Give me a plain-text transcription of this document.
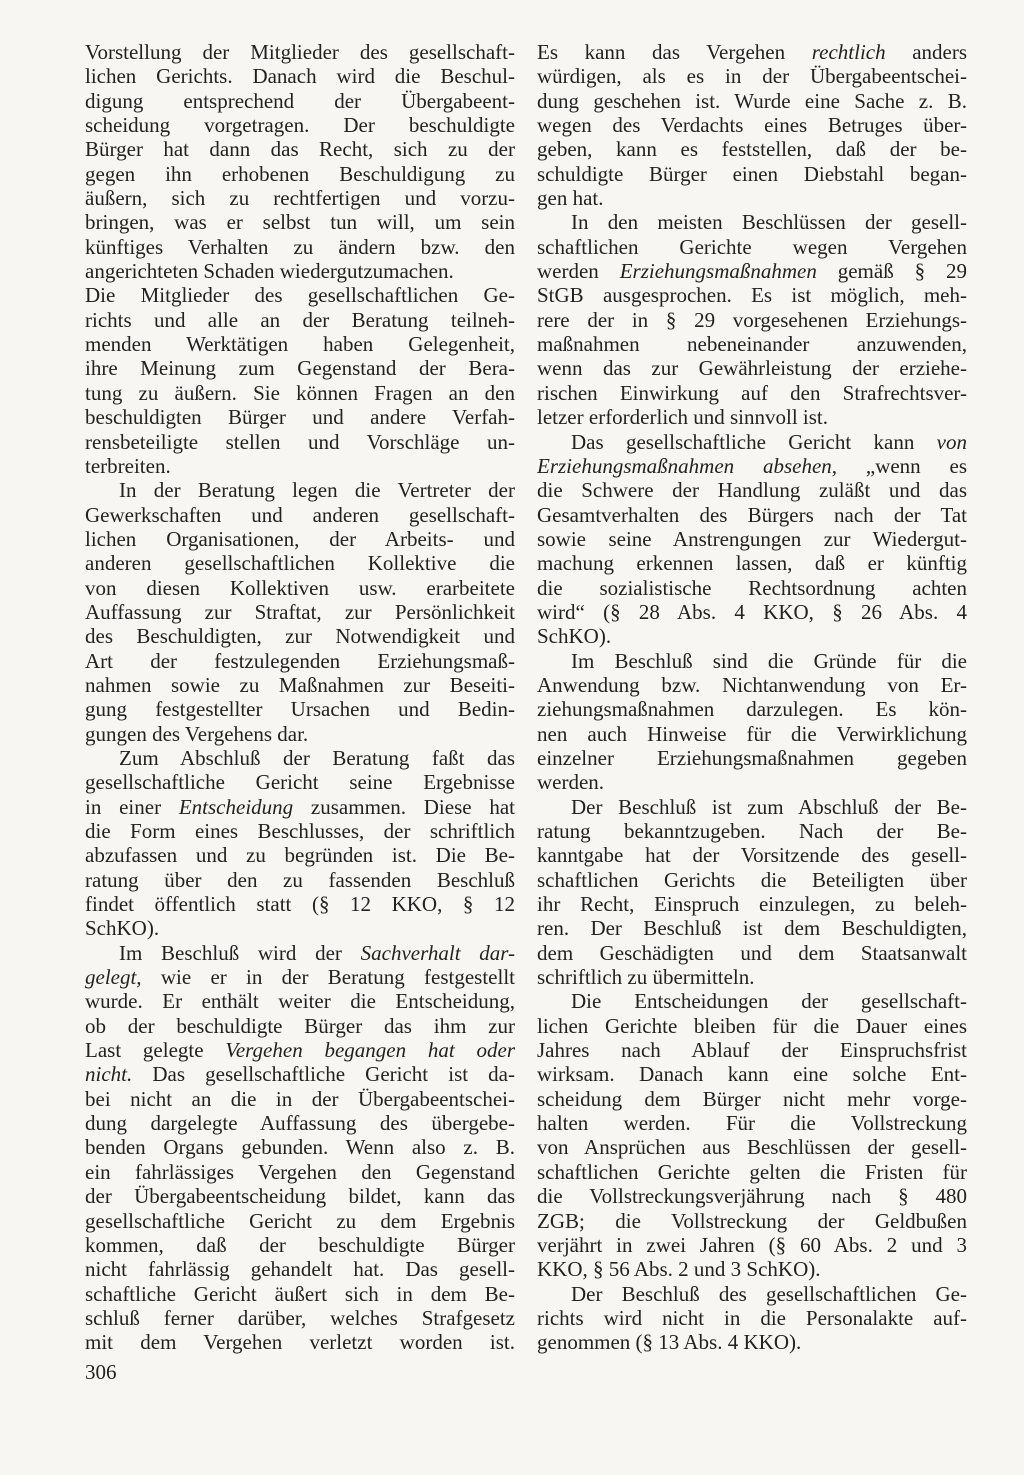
Vorstellung der Mitglieder des gesellschaft-
lichen Gerichts. Danach wird die Beschul-
digung entsprechend der Übergabeent-
scheidung vorgetragen. Der beschuldigte
Bürger hat dann das Recht, sich zu der
gegen ihn erhobenen Beschuldigung zu
äußern, sich zu rechtfertigen und vorzu-
bringen, was er selbst tun will, um sein
künftiges Verhalten zu ändern bzw. den
angerichteten Schaden wiedergutzumachen.
Die Mitglieder des gesellschaftlichen Ge-
richts und alle an der Beratung teilneh-
menden Werktätigen haben Gelegenheit,
ihre Meinung zum Gegenstand der Bera-
tung zu äußern. Sie können Fragen an den
beschuldigten Bürger und andere Verfah-
rensbeteiligte stellen und Vorschläge un-
terbreiten.
In der Beratung legen die Vertreter der
Gewerkschaften und anderen gesellschaft-
lichen Organisationen, der Arbeits- und
anderen gesellschaftlichen Kollektive die
von diesen Kollektiven usw. erarbeitete
Auffassung zur Straftat, zur Persönlichkeit
des Beschuldigten, zur Notwendigkeit und
Art der festzulegenden Erziehungsmaß-
nahmen sowie zu Maßnahmen zur Beseiti-
gung festgestellter Ursachen und Bedin-
gungen des Vergehens dar.
Zum Abschluß der Beratung faßt das
gesellschaftliche Gericht seine Ergebnisse
in einer Entscheidung zusammen. Diese hat
die Form eines Beschlusses, der schriftlich
abzufassen und zu begründen ist. Die Be-
ratung über den zu fassenden Beschluß
findet öffentlich statt (§ 12 KKO, § 12
SchKO).
Im Beschluß wird der Sachverhalt dar-
gelegt, wie er in der Beratung festgestellt
wurde. Er enthält weiter die Entscheidung,
ob der beschuldigte Bürger das ihm zur
Last gelegte Vergehen begangen hat oder
nicht. Das gesellschaftliche Gericht ist da-
bei nicht an die in der Übergabeentschei-
dung dargelegte Auffassung des übergebe-
benden Organs gebunden. Wenn also z. B.
ein fahrlässiges Vergehen den Gegenstand
der Übergabeentscheidung bildet, kann das
gesellschaftliche Gericht zu dem Ergebnis
kommen, daß der beschuldigte Bürger
nicht fahrlässig gehandelt hat. Das gesell-
schaftliche Gericht äußert sich in dem Be-
schluß ferner darüber, welches Strafgesetz
mit dem Vergehen verletzt worden ist.
Es kann das Vergehen rechtlich anders
würdigen, als es in der Übergabeentschei-
dung geschehen ist. Wurde eine Sache z. B.
wegen des Verdachts eines Betruges über-
geben, kann es feststellen, daß der be-
schuldigte Bürger einen Diebstahl began-
gen hat.
In den meisten Beschlüssen der gesell-
schaftlichen Gerichte wegen Vergehen
werden Erziehungsmaßnahmen gemäß § 29
StGB ausgesprochen. Es ist möglich, meh-
rere der in § 29 vorgesehenen Erziehungs-
maßnahmen nebeneinander anzuwenden,
wenn das zur Gewährleistung der erziehe-
rischen Einwirkung auf den Strafrechtsver-
letzer erforderlich und sinnvoll ist.
Das gesellschaftliche Gericht kann von
Erziehungsmaßnahmen absehen, „wenn es
die Schwere der Handlung zuläßt und das
Gesamtverhalten des Bürgers nach der Tat
sowie seine Anstrengungen zur Wiedergut-
machung erkennen lassen, daß er künftig
die sozialistische Rechtsordnung achten
wird“ (§ 28 Abs. 4 KKO, § 26 Abs. 4
SchKO).
Im Beschluß sind die Gründe für die
Anwendung bzw. Nichtanwendung von Er-
ziehungsmaßnahmen darzulegen. Es kön-
nen auch Hinweise für die Verwirklichung
einzelner Erziehungsmaßnahmen gegeben
werden.
Der Beschluß ist zum Abschluß der Be-
ratung bekanntzugeben. Nach der Be-
kanntgabe hat der Vorsitzende des gesell-
schaftlichen Gerichts die Beteiligten über
ihr Recht, Einspruch einzulegen, zu beleh-
ren. Der Beschluß ist dem Beschuldigten,
dem Geschädigten und dem Staatsanwalt
schriftlich zu übermitteln.
Die Entscheidungen der gesellschaft-
lichen Gerichte bleiben für die Dauer eines
Jahres nach Ablauf der Einspruchsfrist
wirksam. Danach kann eine solche Ent-
scheidung dem Bürger nicht mehr vorge-
halten werden. Für die Vollstreckung
von Ansprüchen aus Beschlüssen der gesell-
schaftlichen Gerichte gelten die Fristen für
die Vollstreckungsverjährung nach § 480
ZGB; die Vollstreckung der Geldbußen
verjährt in zwei Jahren (§ 60 Abs. 2 und 3
KKO, § 56 Abs. 2 und 3 SchKO).
Der Beschluß des gesellschaftlichen Ge-
richts wird nicht in die Personalakte auf-
genommen (§ 13 Abs. 4 KKO).
306
